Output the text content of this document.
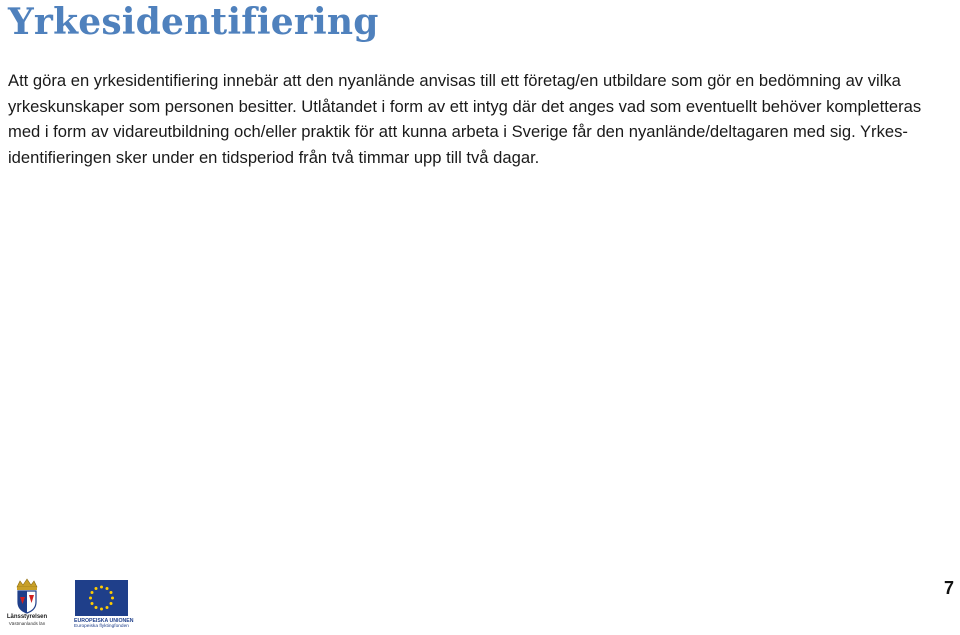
Yrkesidentifiering
Att göra en yrkesidentifiering innebär att den nyanlände anvisas till ett företag/en utbildare som gör en bedömning av vilka
yrkeskunskaper som personen besitter. Utlåtandet i form av ett intyg där det anges vad som eventuellt behöver kompletteras
med i form av vidareutbildning och/eller praktik för att kunna arbeta i Sverige får den nyanlände/deltagaren med sig. Yrkes-
identifieringen sker under en tidsperiod från två timmar upp till två dagar.
7
Länsstyrelsen
Västmanlands län	EUROPEISKA UNIONEN
Europeiska flyktingfonden
